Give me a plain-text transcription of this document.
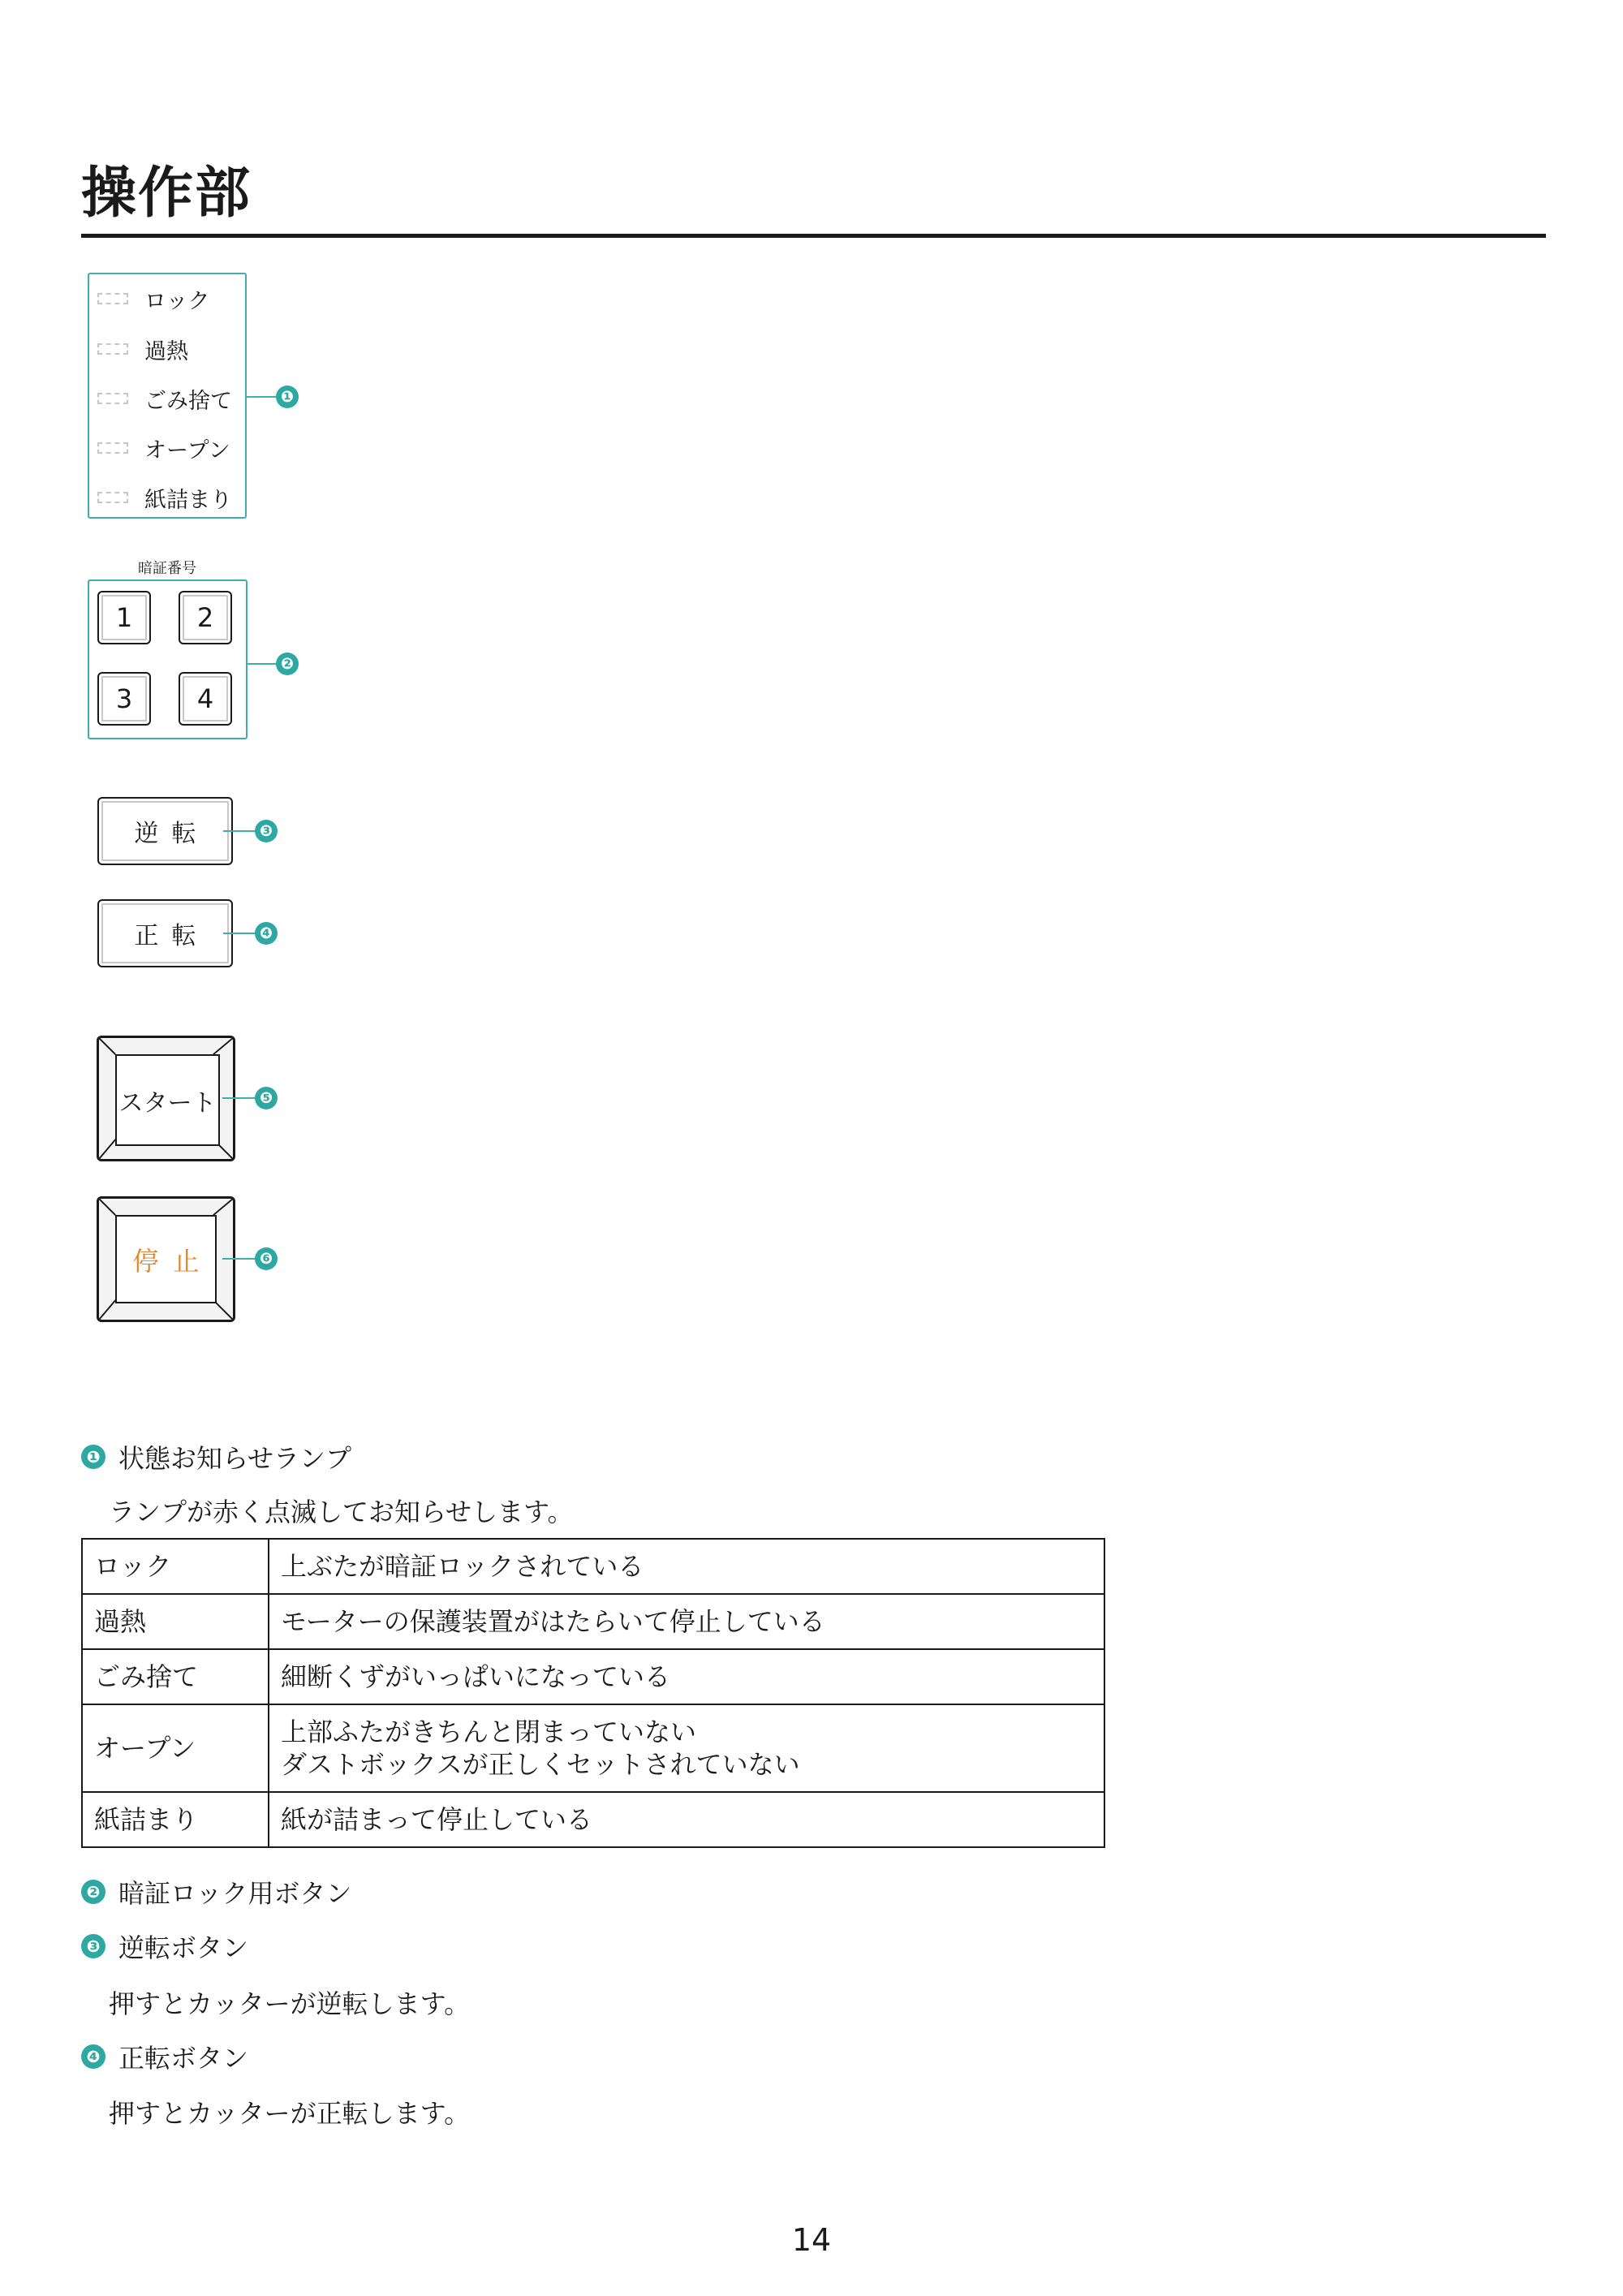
操作部
ロック
過熱
ごみ捨て
オープン
紙詰まり
❶
暗証番号
1	2
3	4
❷
逆転	❸
正転	❹
スタート	❺
停止	❻
❶ 状態お知らせランプ
ランプが赤く点滅してお知らせします。
ロック	上ぶたが暗証ロックされている
過熱	モーターの保護装置がはたらいて停止している
ごみ捨て	細断くずがいっぱいになっている
オープン	上部ふたがきちんと閉まっていない
ダストボックスが正しくセットされていない

紙詰まり	紙が詰まって停止している
❷ 暗証ロック用ボタン
❸ 逆転ボタン
押すとカッターが逆転します。
❹ 正転ボタン
押すとカッターが正転します。
14
